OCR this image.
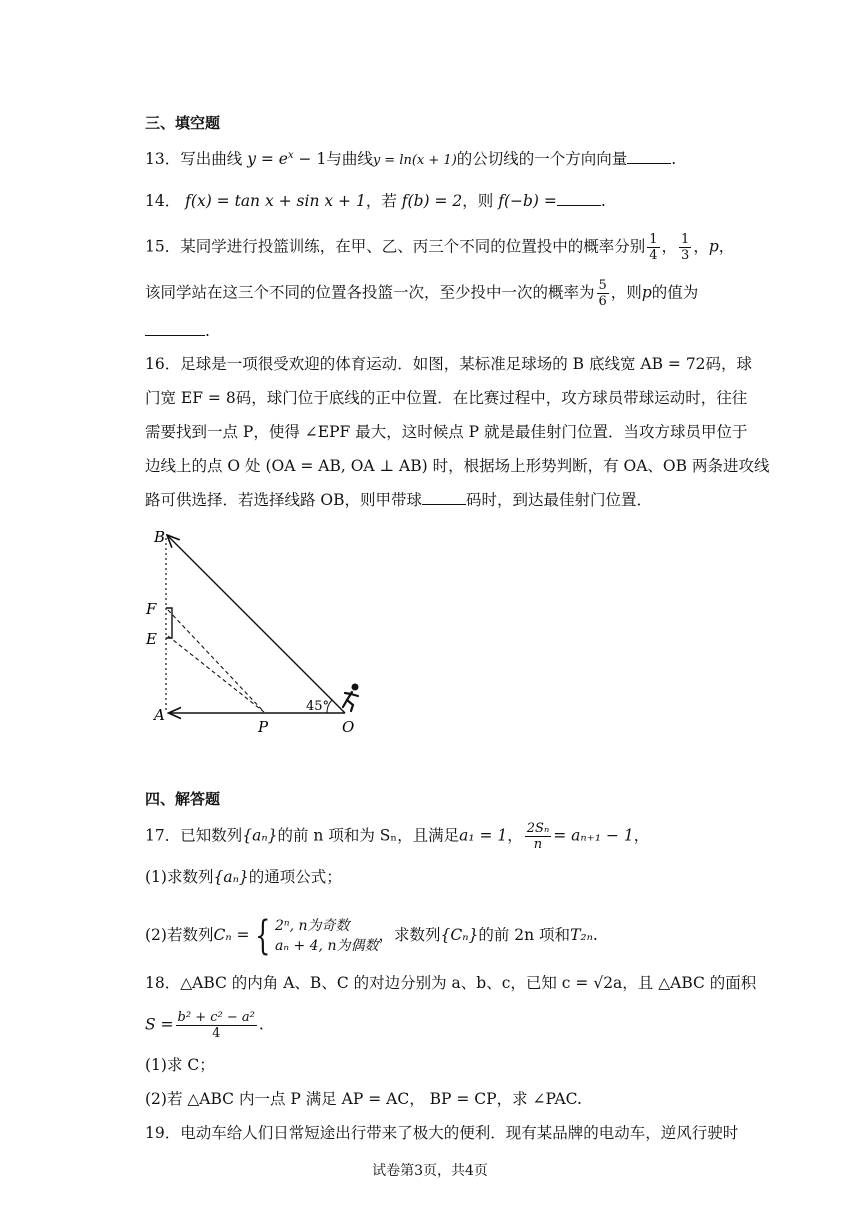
三、填空题
13．写出曲线 $y = e^x - 1$与曲线y = ln(x + 1)的公切线的一个方向向量	.
14． f(x) = tan x + sin x + 1，若 f(b) = 2，则 f(−b) =	.
15．某同学进行投篮训练，在甲、乙、丙三个不同的位置投中的概率分别 $\frac{1}{4}$ ， $\frac{1}{3}$ ，p，
该同学站在这三个不同的位置各投篮一次，至少投中一次的概率为 $\frac{5}{6}$ ，则p的值为
.
16．足球是一项很受欢迎的体育运动．如图，某标准足球场的 B 底线宽 AB = 72码，球
门宽 EF = 8码，球门位于底线的正中位置．在比赛过程中，攻方球员带球运动时，往往
需要找到一点 P，使得 ∠EPF 最大，这时候点 P 就是最佳射门位置．当攻方球员甲位于
边线上的点 O 处 (OA = AB, OA ⊥ AB) 时，根据场上形势判断，有 OA、OB 两条进攻线
路可供选择．若选择线路 OB，则甲带球	码时，到达最佳射门位置．
B
F
E
A
P	O
45°
四、解答题
17．已知数列{aₙ}的前 n 项和为 Sₙ，且满足a₁ = 1， $\frac{\text{2Sₙ}}{n} = a_{n+1} - 1$，
(1)求数列{aₙ}的通项公式；
(2)若数列Cₙ = { 2ⁿ, n为奇数
aₙ + 4, n为偶数
，求数列{Cₙ}的前 2n 项和T₂ₙ.
18．△ABC 的内角 A、B、C 的对边分别为 a、b、c，已知 c = √2a，且 △ABC 的面积
$S = \frac{\text{b² + c² − a²}}{4}$ .
(1)求 C；
(2)若 △ABC 内一点 P 满足 AP = AC， BP = CP，求 ∠PAC.
19．电动车给人们日常短途出行带来了极大的便利．现有某品牌的电动车，逆风行驶时
试卷第3页，共4页
